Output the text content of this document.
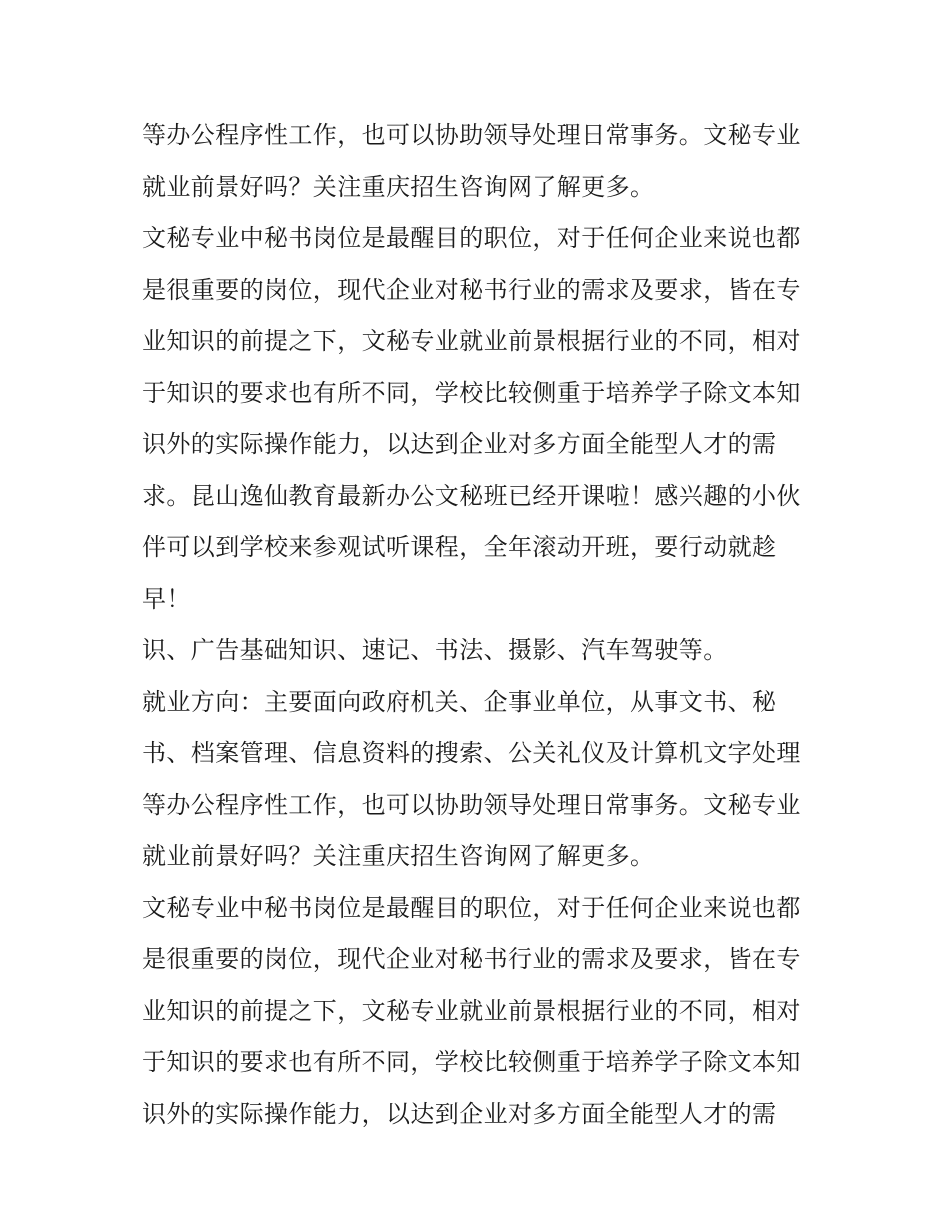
等办公程序性工作，也可以协助领导处理日常事务。文秘专业
就业前景好吗？关注重庆招生咨询网了解更多。
文秘专业中秘书岗位是最醒目的职位，对于任何企业来说也都
是很重要的岗位，现代企业对秘书行业的需求及要求，皆在专
业知识的前提之下，文秘专业就业前景根据行业的不同，相对
于知识的要求也有所不同，学校比较侧重于培养学子除文本知
识外的实际操作能力，以达到企业对多方面全能型人才的需
求。昆山逸仙教育最新办公文秘班已经开课啦！感兴趣的小伙
伴可以到学校来参观试听课程，全年滚动开班，要行动就趁
早！
识、广告基础知识、速记、书法、摄影、汽车驾驶等。
就业方向：主要面向政府机关、企事业单位，从事文书、秘
书、档案管理、信息资料的搜索、公关礼仪及计算机文字处理
等办公程序性工作，也可以协助领导处理日常事务。文秘专业
就业前景好吗？关注重庆招生咨询网了解更多。
文秘专业中秘书岗位是最醒目的职位，对于任何企业来说也都
是很重要的岗位，现代企业对秘书行业的需求及要求，皆在专
业知识的前提之下，文秘专业就业前景根据行业的不同，相对
于知识的要求也有所不同，学校比较侧重于培养学子除文本知
识外的实际操作能力，以达到企业对多方面全能型人才的需
